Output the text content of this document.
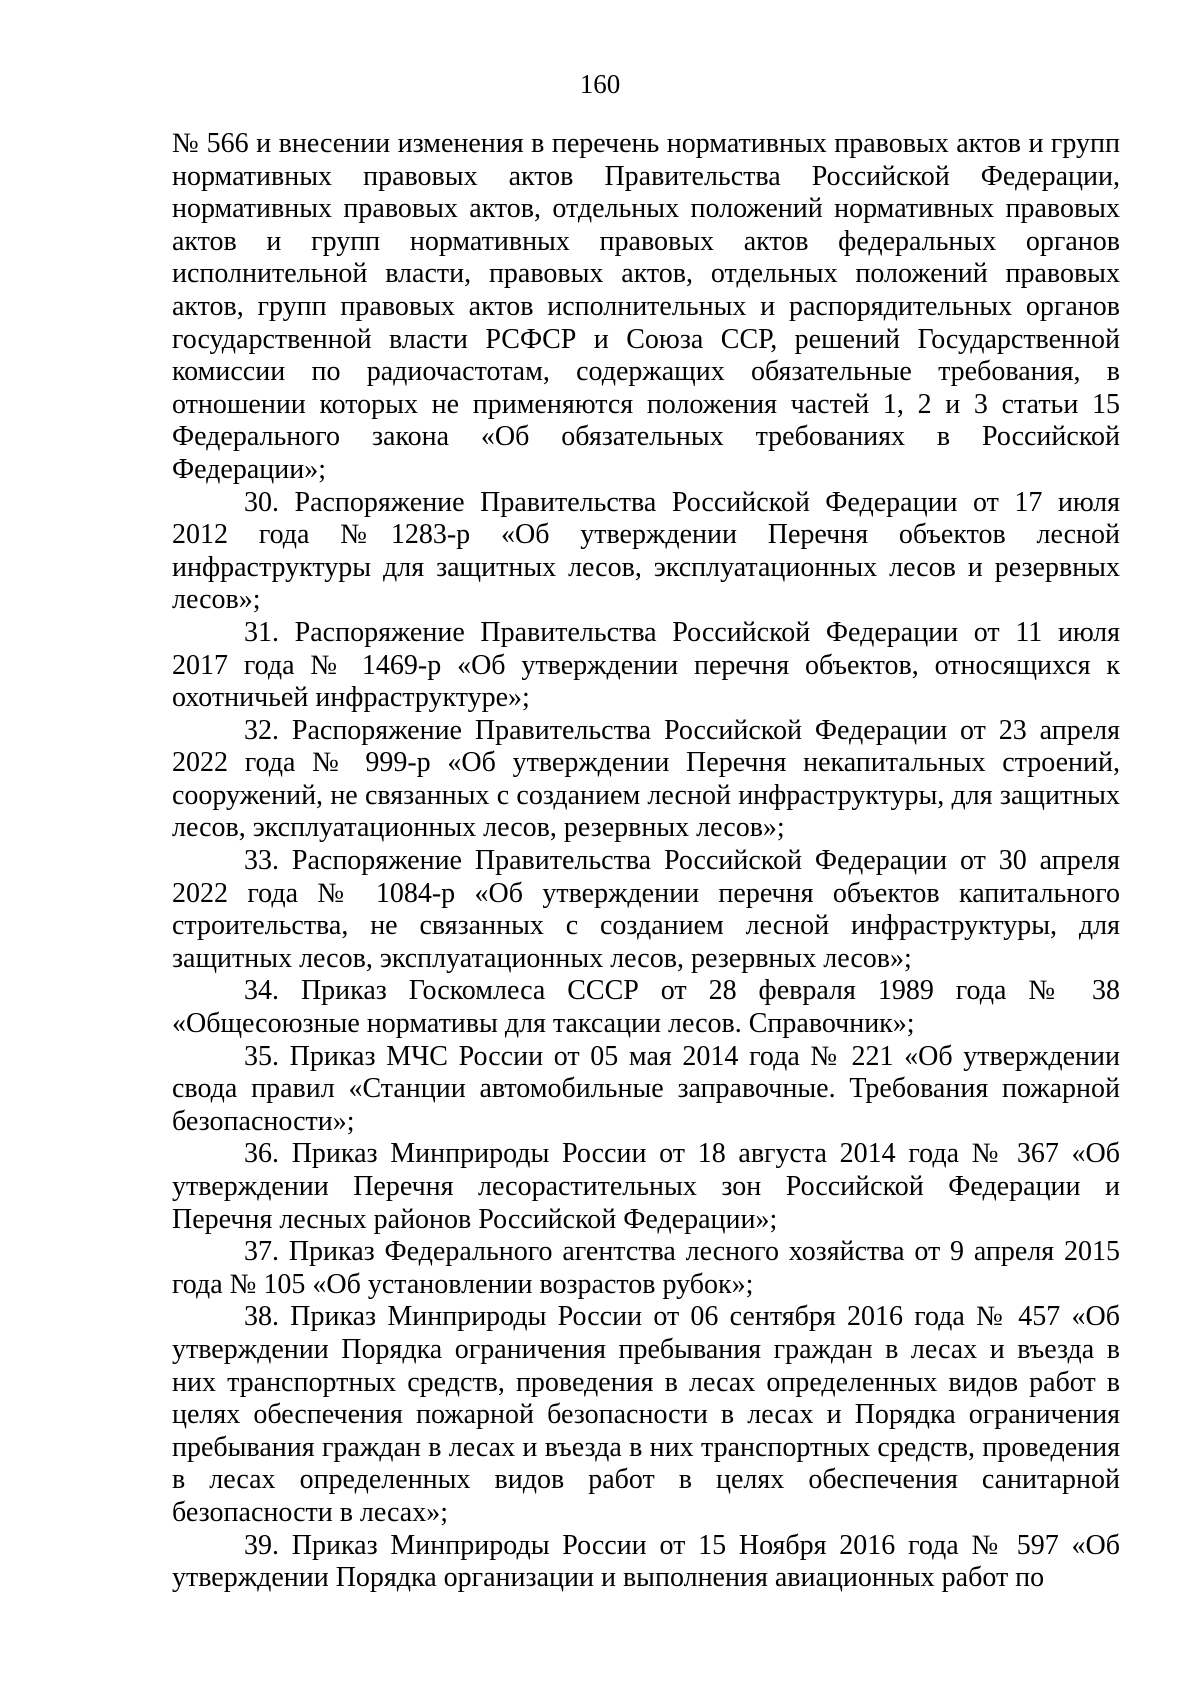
160

№ 566 и внесении изменения в перечень нормативных правовых актов и групп нормативных правовых актов Правительства Российской Федерации, нормативных правовых актов, отдельных положений нормативных правовых актов и групп нормативных правовых актов федеральных органов исполнительной власти, правовых актов, отдельных положений правовых актов, групп правовых актов исполнительных и распорядительных органов государственной власти РСФСР и Союза ССР, решений Государственной комиссии по радиочастотам, содержащих обязательные требования, в отношении которых не применяются положения частей 1, 2 и 3 статьи 15 Федерального закона «Об обязательных требованиях в Российской Федерации»;

30. Распоряжение Правительства Российской Федерации от 17 июля 2012 года №1283-р «Об утверждении Перечня объектов лесной инфраструктуры для защитных лесов, эксплуатационных лесов и резервных лесов»;

31. Распоряжение Правительства Российской Федерации от 11 июля 2017 года № 1469-р «Об утверждении перечня объектов, относящихся к охотничьей инфраструктуре»;

32. Распоряжение Правительства Российской Федерации от 23 апреля 2022 года № 999-р «Об утверждении Перечня некапитальных строений, сооружений, не связанных с созданием лесной инфраструктуры, для защитных лесов, эксплуатационных лесов, резервных лесов»;

33. Распоряжение Правительства Российской Федерации от 30 апреля 2022 года № 1084-р «Об утверждении перечня объектов капитального строительства, не связанных с созданием лесной инфраструктуры, для защитных лесов, эксплуатационных лесов, резервных лесов»;

34. Приказ Госкомлеса СССР от 28 февраля 1989 года № 38 «Общесоюзные нормативы для таксации лесов. Справочник»;

35. Приказ МЧС России от 05 мая 2014 года № 221 «Об утверждении свода правил «Станции автомобильные заправочные. Требования пожарной безопасности»;

36. Приказ Минприроды России от 18 августа 2014 года № 367 «Об утверждении Перечня лесорастительных зон Российской Федерации и Перечня лесных районов Российской Федерации»;

37. Приказ Федерального агентства лесного хозяйства от 9 апреля 2015 года № 105 «Об установлении возрастов рубок»;

38. Приказ Минприроды России от 06 сентября 2016 года № 457 «Об утверждении Порядка ограничения пребывания граждан в лесах и въезда в них транспортных средств, проведения в лесах определенных видов работ в целях обеспечения пожарной безопасности в лесах и Порядка ограничения пребывания граждан в лесах и въезда в них транспортных средств, проведения в лесах определенных видов работ в целях обеспечения санитарной безопасности в лесах»;

39. Приказ Минприроды России от 15 Ноября 2016 года № 597 «Об утверждении Порядка организации и выполнения авиационных работ по
